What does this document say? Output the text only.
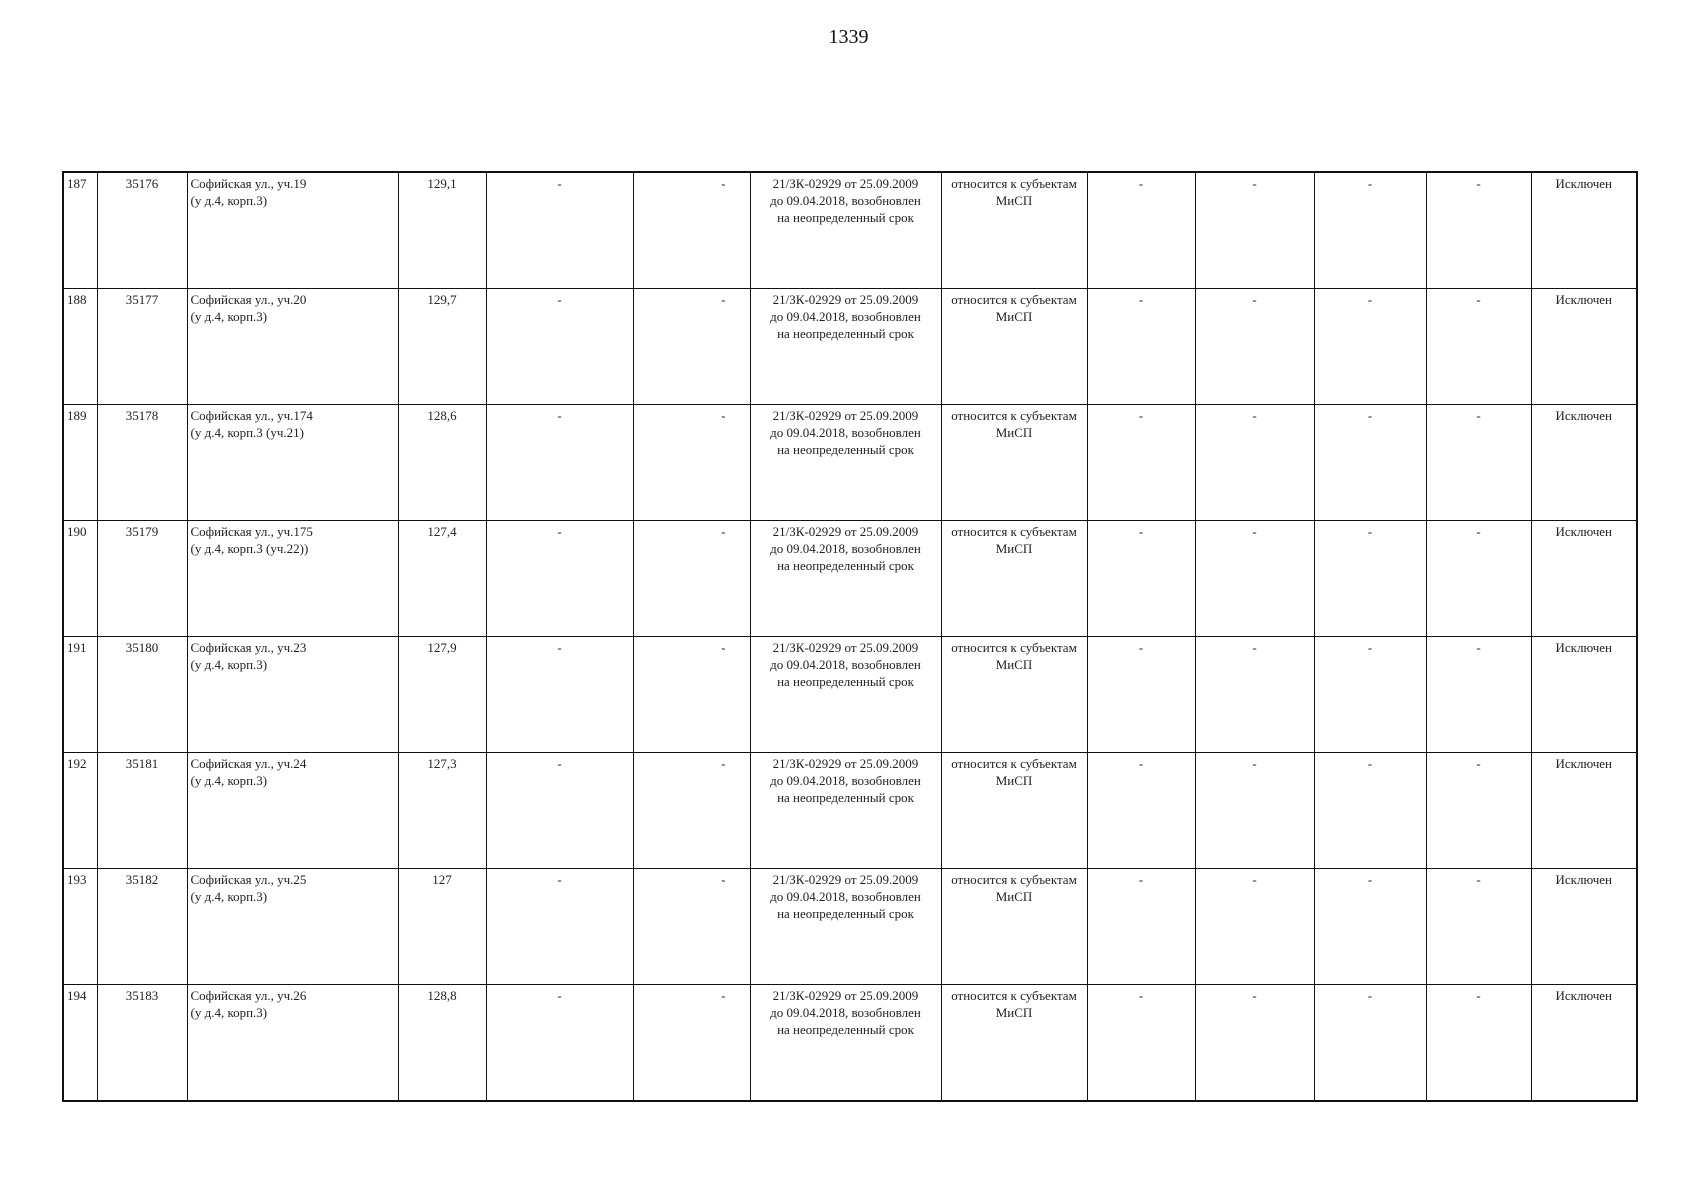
1339
187	35176	Софийская ул., уч.19
(у д.4, корп.3)	129,1	-	-	21/ЗК-02929 от 25.09.2009
до 09.04.2018, возобновлен
на неопределенный срок	относится к субъектам
МиСП	-	-	-	-	Исключен
188	35177	Софийская ул., уч.20
(у д.4, корп.3)	129,7	-	-	21/ЗК-02929 от 25.09.2009
до 09.04.2018, возобновлен
на неопределенный срок	относится к субъектам
МиСП	-	-	-	-	Исключен
189	35178	Софийская ул., уч.174
(у д.4, корп.3 (уч.21)	128,6	-	-	21/ЗК-02929 от 25.09.2009
до 09.04.2018, возобновлен
на неопределенный срок	относится к субъектам
МиСП	-	-	-	-	Исключен
190	35179	Софийская ул., уч.175
(у д.4, корп.3 (уч.22))	127,4	-	-	21/ЗК-02929 от 25.09.2009
до 09.04.2018, возобновлен
на неопределенный срок	относится к субъектам
МиСП	-	-	-	-	Исключен
191	35180	Софийская ул., уч.23
(у д.4, корп.3)	127,9	-	-	21/ЗК-02929 от 25.09.2009
до 09.04.2018, возобновлен
на неопределенный срок	относится к субъектам
МиСП	-	-	-	-	Исключен
192	35181	Софийская ул., уч.24
(у д.4, корп.3)	127,3	-	-	21/ЗК-02929 от 25.09.2009
до 09.04.2018, возобновлен
на неопределенный срок	относится к субъектам
МиСП	-	-	-	-	Исключен
193	35182	Софийская ул., уч.25
(у д.4, корп.3)	127	-	-	21/ЗК-02929 от 25.09.2009
до 09.04.2018, возобновлен
на неопределенный срок	относится к субъектам
МиСП	-	-	-	-	Исключен
194	35183	Софийская ул., уч.26
(у д.4, корп.3)	128,8	-	-	21/ЗК-02929 от 25.09.2009
до 09.04.2018, возобновлен
на неопределенный срок	относится к субъектам
МиСП	-	-	-	-	Исключен
